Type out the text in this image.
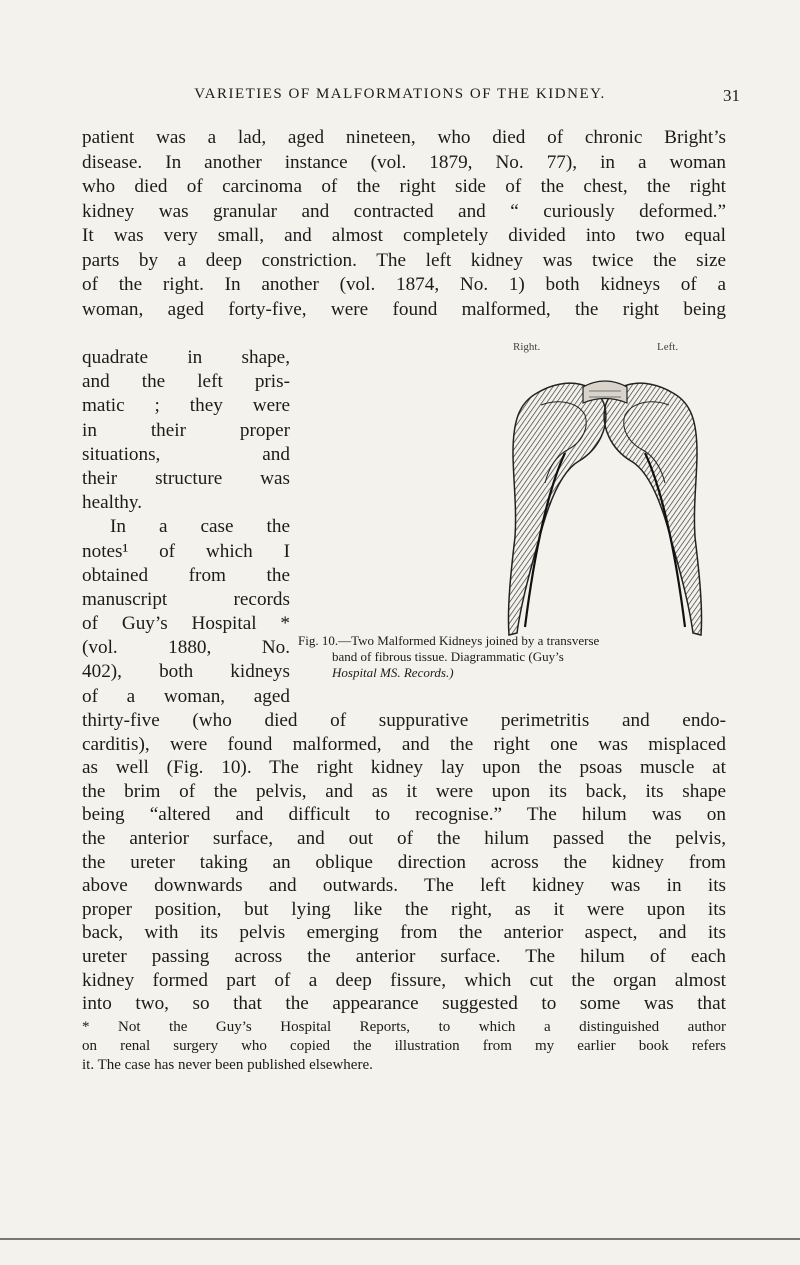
VARIETIES OF MALFORMATIONS OF THE KIDNEY.	31
patient was a lad, aged nineteen, who died of chronic Bright’s
disease. In another instance (vol. 1879, No. 77), in a woman
who died of carcinoma of the right side of the chest, the right
kidney was granular and contracted and “ curiously deformed.”
It was very small, and almost completely divided into two equal
parts by a deep constriction. The left kidney was twice the size
of the right. In another (vol. 1874, No. 1) both kidneys of a
woman, aged forty-five, were found malformed, the right being
quadrate in shape,
and the left pris-
matic ; they were
in their proper
situations, and
their structure was
healthy.
In a case the
notes¹ of which I
obtained from the
manuscript records
of Guy’s Hospital *
(vol. 1880, No.
402), both kidneys
of a woman, aged
Right.	Left.
Fig. 10.—Two Malformed Kidneys joined by a transverse
band of fibrous tissue. Diagrammatic (Guy’s
Hospital MS. Records.)
thirty-five (who died of suppurative perimetritis and endo-
carditis), were found malformed, and the right one was misplaced
as well (Fig. 10). The right kidney lay upon the psoas muscle at
the brim of the pelvis, and as it were upon its back, its shape
being “altered and difficult to recognise.” The hilum was on
the anterior surface, and out of the hilum passed the pelvis,
the ureter taking an oblique direction across the kidney from
above downwards and outwards. The left kidney was in its
proper position, but lying like the right, as it were upon its
back, with its pelvis emerging from the anterior aspect, and its
ureter passing across the anterior surface. The hilum of each
kidney formed part of a deep fissure, which cut the organ almost
into two, so that the appearance suggested to some was that
* Not the Guy’s Hospital Reports, to which a distinguished author
on renal surgery who copied the illustration from my earlier book refers
it. The case has never been published elsewhere.
